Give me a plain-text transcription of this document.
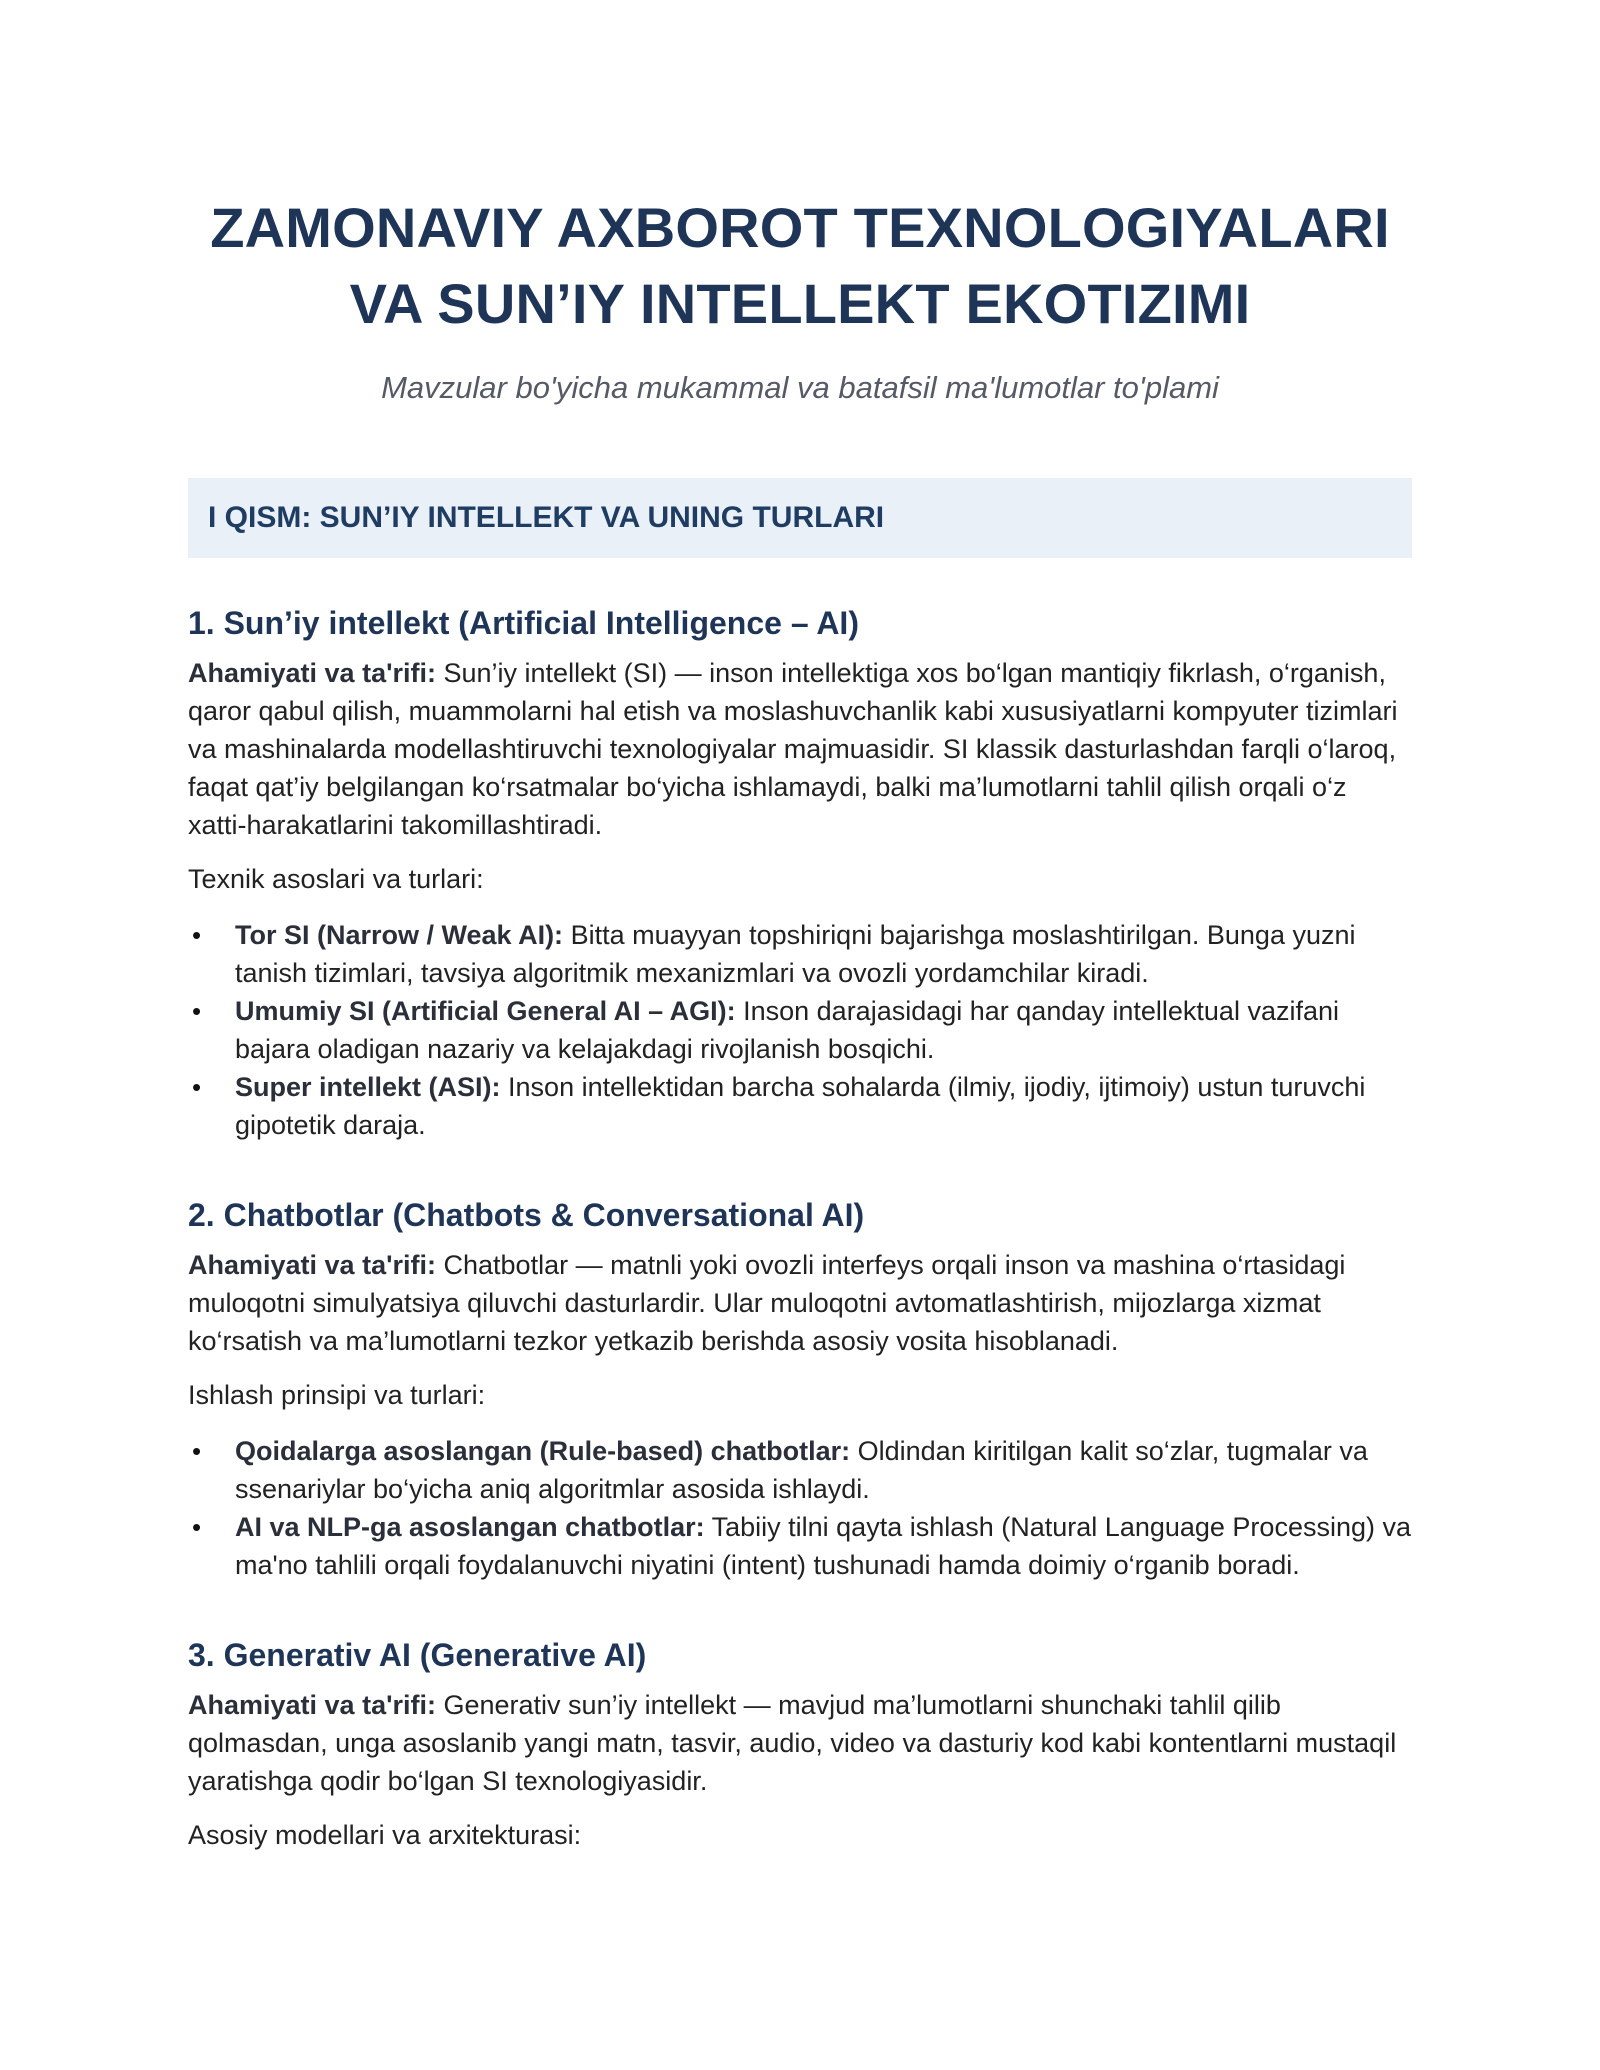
ZAMONAVIY AXBOROT TEXNOLOGIYALARI
VA SUN’IY INTELLEKT EKOTIZIMI

Mavzular bo'yicha mukammal va batafsil ma'lumotlar to'plami

I QISM: SUN’IY INTELLEKT VA UNING TURLARI
1. Sun’iy intellekt (Artificial Intelligence – AI)

Ahamiyati va ta'rifi: Sun’iy intellekt (SI) — inson intellektiga xos bo‘lgan mantiqiy fikrlash, o‘rganish, qaror qabul qilish, muammolarni hal etish va moslashuvchanlik kabi xususiyatlarni kompyuter tizimlari va mashinalarda modellashtiruvchi texnologiyalar majmuasidir. SI klassik dasturlashdan farqli o‘laroq, faqat qat’iy belgilangan ko‘rsatmalar bo‘yicha ishlamaydi, balki ma’lumotlarni tahlil qilish orqali o‘z xatti-harakatlarini takomillashtiradi.

Texnik asoslari va turlari:

• Tor SI (Narrow / Weak AI): Bitta muayyan topshiriqni bajarishga moslashtirilgan. Bunga yuzni tanish tizimlari, tavsiya algoritmik mexanizmlari va ovozli yordamchilar kiradi.
• Umumiy SI (Artificial General AI – AGI): Inson darajasidagi har qanday intellektual vazifani bajara oladigan nazariy va kelajakdagi rivojlanish bosqichi.
• Super intellekt (ASI): Inson intellektidan barcha sohalarda (ilmiy, ijodiy, ijtimoiy) ustun turuvchi gipotetik daraja.
2. Chatbotlar (Chatbots & Conversational AI)

Ahamiyati va ta'rifi: Chatbotlar — matnli yoki ovozli interfeys orqali inson va mashina o‘rtasidagi muloqotni simulyatsiya qiluvchi dasturlardir. Ular muloqotni avtomatlashtirish, mijozlarga xizmat ko‘rsatish va ma’lumotlarni tezkor yetkazib berishda asosiy vosita hisoblanadi.

Ishlash prinsipi va turlari:

• Qoidalarga asoslangan (Rule-based) chatbotlar: Oldindan kiritilgan kalit so‘zlar, tugmalar va ssenariylar bo‘yicha aniq algoritmlar asosida ishlaydi.
• AI va NLP-ga asoslangan chatbotlar: Tabiiy tilni qayta ishlash (Natural Language Processing) va ma'no tahlili orqali foydalanuvchi niyatini (intent) tushunadi hamda doimiy o‘rganib boradi.
3. Generativ AI (Generative AI)

Ahamiyati va ta'rifi: Generativ sun’iy intellekt — mavjud ma’lumotlarni shunchaki tahlil qilib qolmasdan, unga asoslanib yangi matn, tasvir, audio, video va dasturiy kod kabi kontentlarni mustaqil yaratishga qodir bo‘lgan SI texnologiyasidir.

Asosiy modellari va arxitekturasi:
